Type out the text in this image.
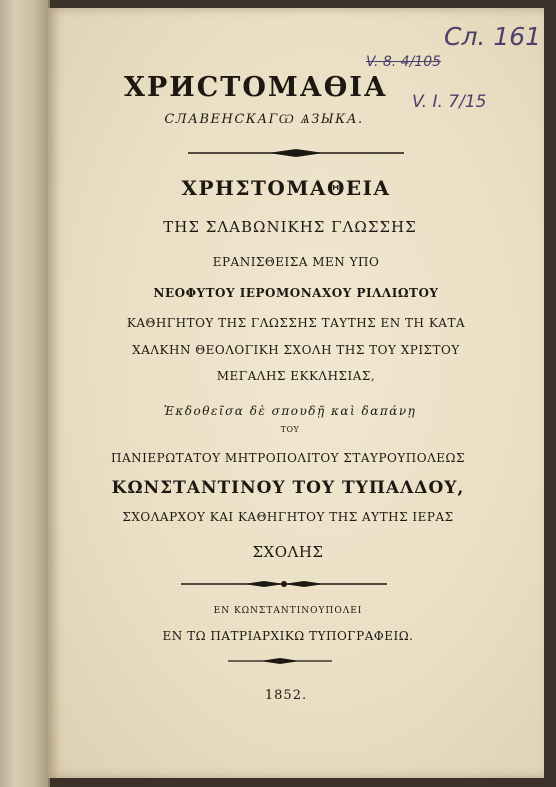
Сл. 161
V. 8. 4/105
V. I. 7/15
ХРИСТОМАѲІА
СЛАВЕНСКАГѠ ѦЗЫКА.
ΧΡΗΣΤΟΜΑΘΕΙΑ
ΤΗΣ ΣΛΑΒΩΝΙΚΗΣ ΓΛΩΣΣΗΣ
ΕΡΑΝΙΣΘΕΙΣΑ ΜΕΝ ΥΠΟ
ΝΕΟΦΥΤΟΥ ΙΕΡΟΜΟΝΑΧΟΥ ΡΙΛΛΙΩΤΟΥ
ΚΑΘΗΓΗΤΟΥ ΤΗΣ ΓΛΩΣΣΗΣ ΤΑΥΤΗΣ ΕΝ ΤΗ ΚΑΤΑ
ΧΑΛΚΗΝ ΘΕΟΛΟΓΙΚΗ ΣΧΟΛΗ ΤΗΣ ΤΟΥ ΧΡΙΣΤΟΥ
ΜΕΓΑΛΗΣ ΕΚΚΛΗΣΙΑΣ,
Ἐκδοθεῖσα δὲ σπουδῇ καὶ δαπάνῃ
ΤΟΥ
ΠΑΝΙΕΡΩΤΑΤΟΥ ΜΗΤΡΟΠΟΛΙΤΟΥ ΣΤΑΥΡΟΥΠΟΛΕΩΣ
ΚΩΝΣΤΑΝΤΙΝΟΥ ΤΟΥ ΤΥΠΑΛΔΟΥ,
ΣΧΟΛΑΡΧΟΥ ΚΑΙ ΚΑΘΗΓΗΤΟΥ ΤΗΣ ΑΥΤΗΣ ΙΕΡΑΣ
ΣΧΟΛΗΣ
ΕΝ ΚΩΝΣΤΑΝΤΙΝΟΥΠΟΛΕΙ
ΕΝ ΤΩ ΠΑΤΡΙΑΡΧΙΚΩ ΤΥΠΟΓΡΑΦΕΙΩ.
1852.
